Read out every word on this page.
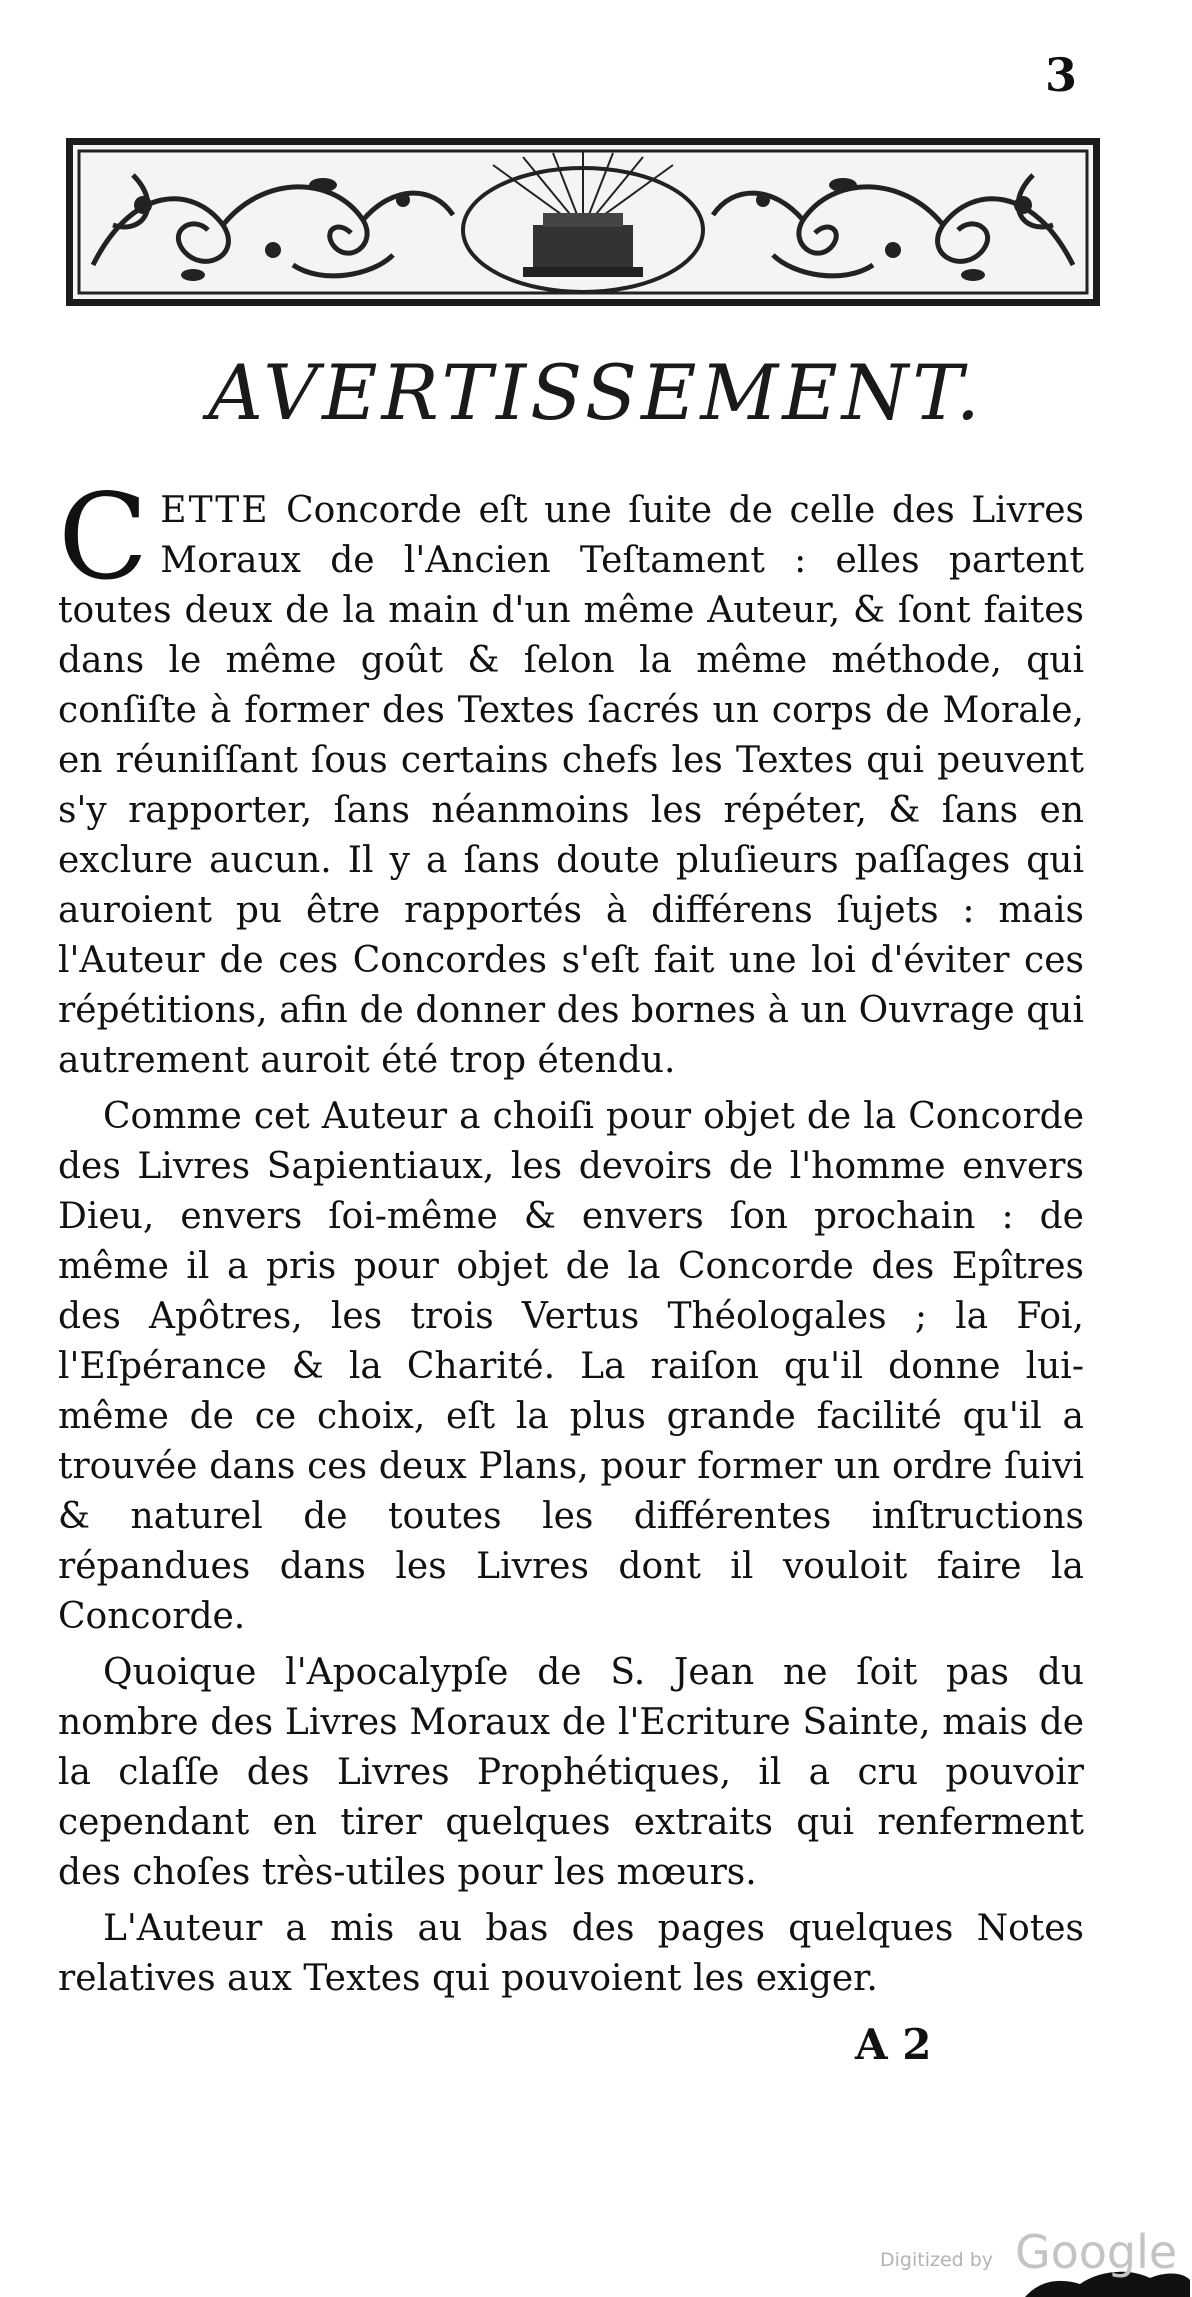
3
AVERTISSEMENT.

CETTE Concorde eſt une ſuite de celle des Livres Moraux de l'Ancien Teſtament : elles partent toutes deux de la main d'un même Auteur, & ſont faites dans le même goût & ſelon la même méthode, qui conſiſte à former des Textes ſacrés un corps de Morale, en réuniſſant ſous certains chefs les Textes qui peuvent s'y rapporter, ſans néanmoins les répéter, & ſans en exclure aucun. Il y a ſans doute pluſieurs paſſages qui auroient pu être rapportés à différens ſujets : mais l'Auteur de ces Concordes s'eſt fait une loi d'éviter ces répétitions, afin de donner des bornes à un Ouvrage qui autrement auroit été trop étendu.

Comme cet Auteur a choiſi pour objet de la Concorde des Livres Sapientiaux, les devoirs de l'homme envers Dieu, envers ſoi-même & envers ſon prochain : de même il a pris pour objet de la Concorde des Epîtres des Apôtres, les trois Vertus Théologales ; la Foi, l'Eſpérance & la Charité. La raiſon qu'il donne lui-même de ce choix, eſt la plus grande facilité qu'il a trouvée dans ces deux Plans, pour former un ordre ſuivi & naturel de toutes les différentes inſtructions répandues dans les Livres dont il vouloit faire la Concorde.

Quoique l'Apocalypſe de S. Jean ne ſoit pas du nombre des Livres Moraux de l'Ecriture Sainte, mais de la claſſe des Livres Prophétiques, il a cru pouvoir cependant en tirer quelques extraits qui renferment des choſes très-utiles pour les mœurs.

L'Auteur a mis au bas des pages quelques Notes relatives aux Textes qui pouvoient les exiger.

A 2
Digitized by Google
